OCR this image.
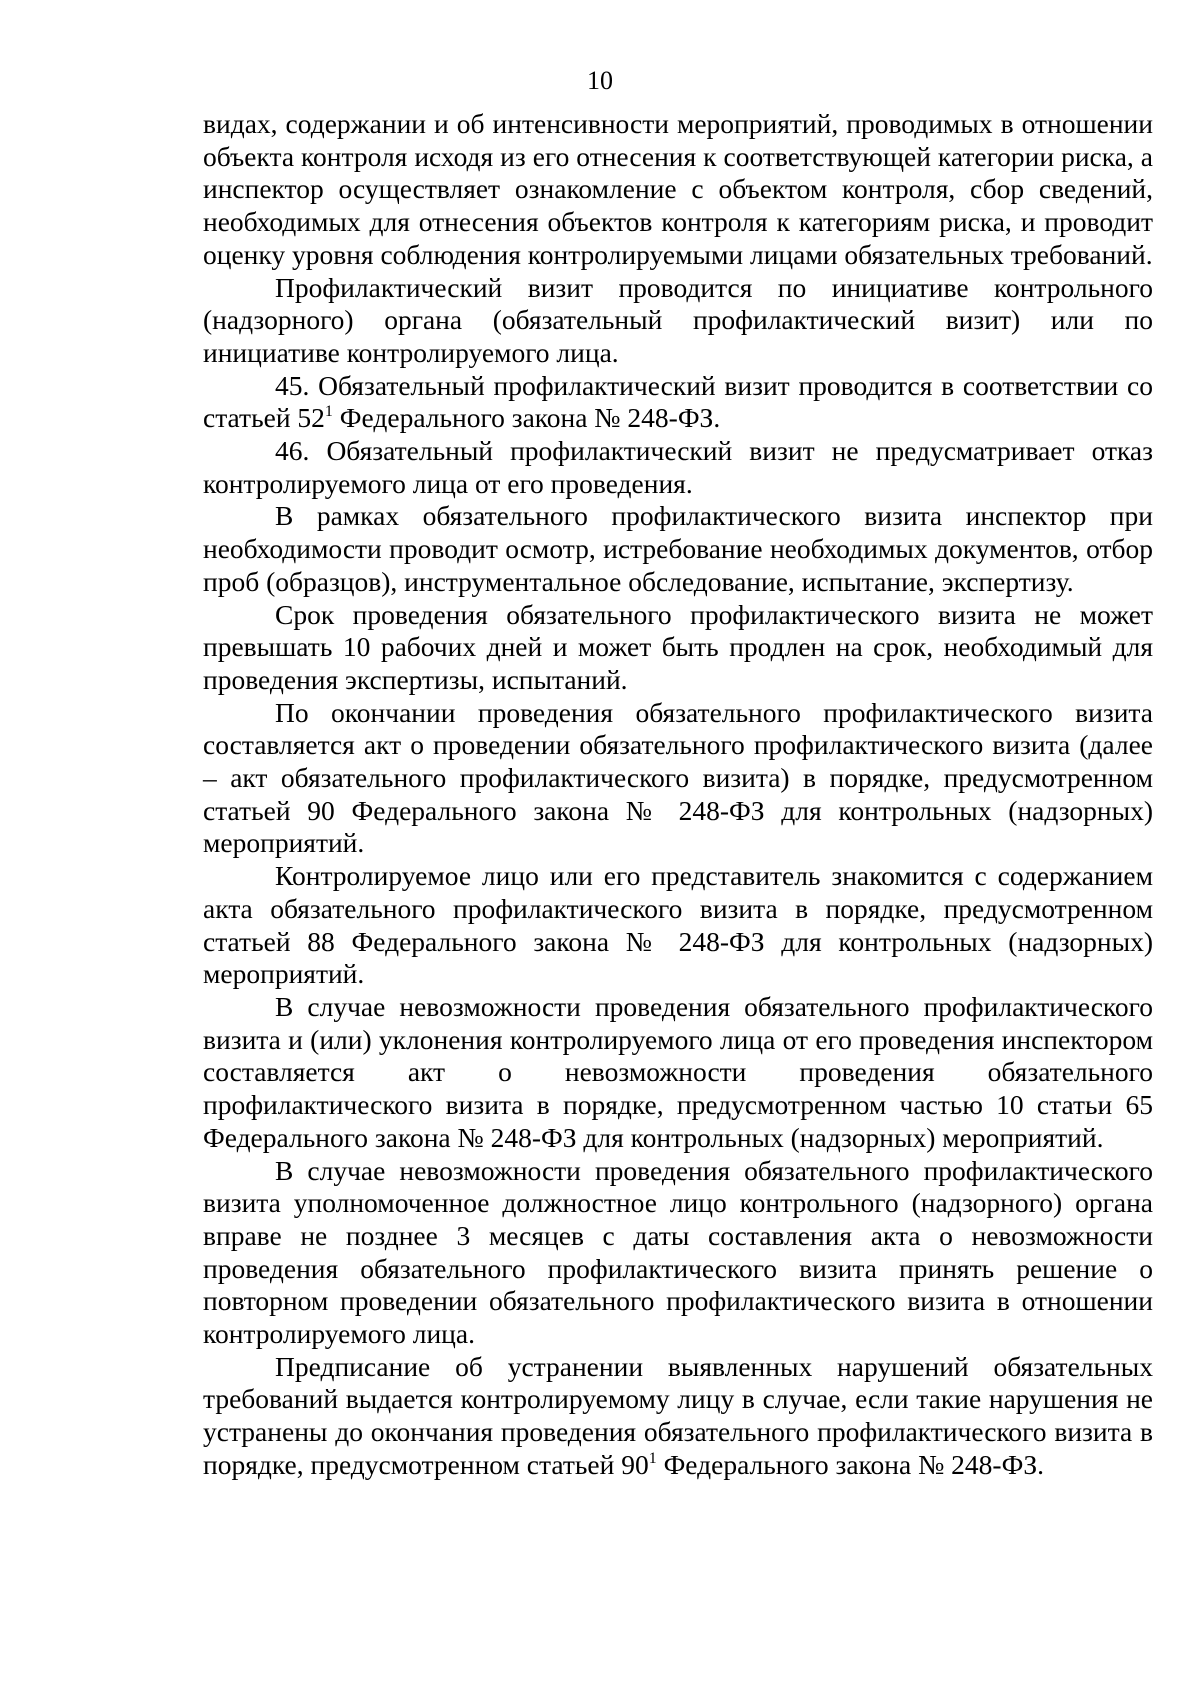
10

видах, содержании и об интенсивности мероприятий, проводимых в отношении объекта контроля исходя из его отнесения к соответствующей категории риска, а инспектор осуществляет ознакомление с объектом контроля, сбор сведений, необходимых для отнесения объектов контроля к категориям риска, и проводит оценку уровня соблюдения контролируемыми лицами обязательных требований.

Профилактический визит проводится по инициативе контрольного (надзорного) органа (обязательный профилактический визит) или по инициативе контролируемого лица.

45. Обязательный профилактический визит проводится в соответствии со статьей $52^1$ Федерального закона № 248-ФЗ.

46. Обязательный профилактический визит не предусматривает отказ контролируемого лица от его проведения.

В рамках обязательного профилактического визита инспектор при необходимости проводит осмотр, истребование необходимых документов, отбор проб (образцов), инструментальное обследование, испытание, экспертизу.

Срок проведения обязательного профилактического визита не может превышать 10 рабочих дней и может быть продлен на срок, необходимый для проведения экспертизы, испытаний.

По окончании проведения обязательного профилактического визита составляется акт о проведении обязательного профилактического визита (далее – акт обязательного профилактического визита) в порядке, предусмотренном статьей 90 Федерального закона № 248-ФЗ для контрольных (надзорных) мероприятий.

Контролируемое лицо или его представитель знакомится с содержанием акта обязательного профилактического визита в порядке, предусмотренном статьей 88 Федерального закона № 248-ФЗ для контрольных (надзорных) мероприятий.

В случае невозможности проведения обязательного профилактического визита и (или) уклонения контролируемого лица от его проведения инспектором составляется акт о невозможности проведения обязательного профилактического визита в порядке, предусмотренном частью 10 статьи 65 Федерального закона № 248-ФЗ для контрольных (надзорных) мероприятий.

В случае невозможности проведения обязательного профилактического визита уполномоченное должностное лицо контрольного (надзорного) органа вправе не позднее 3 месяцев с даты составления акта о невозможности проведения обязательного профилактического визита принять решение о повторном проведении обязательного профилактического визита в отношении контролируемого лица.

Предписание об устранении выявленных нарушений обязательных требований выдается контролируемому лицу в случае, если такие нарушения не устранены до окончания проведения обязательного профилактического визита в порядке, предусмотренном статьей $90^1$ Федерального закона № 248-ФЗ.
